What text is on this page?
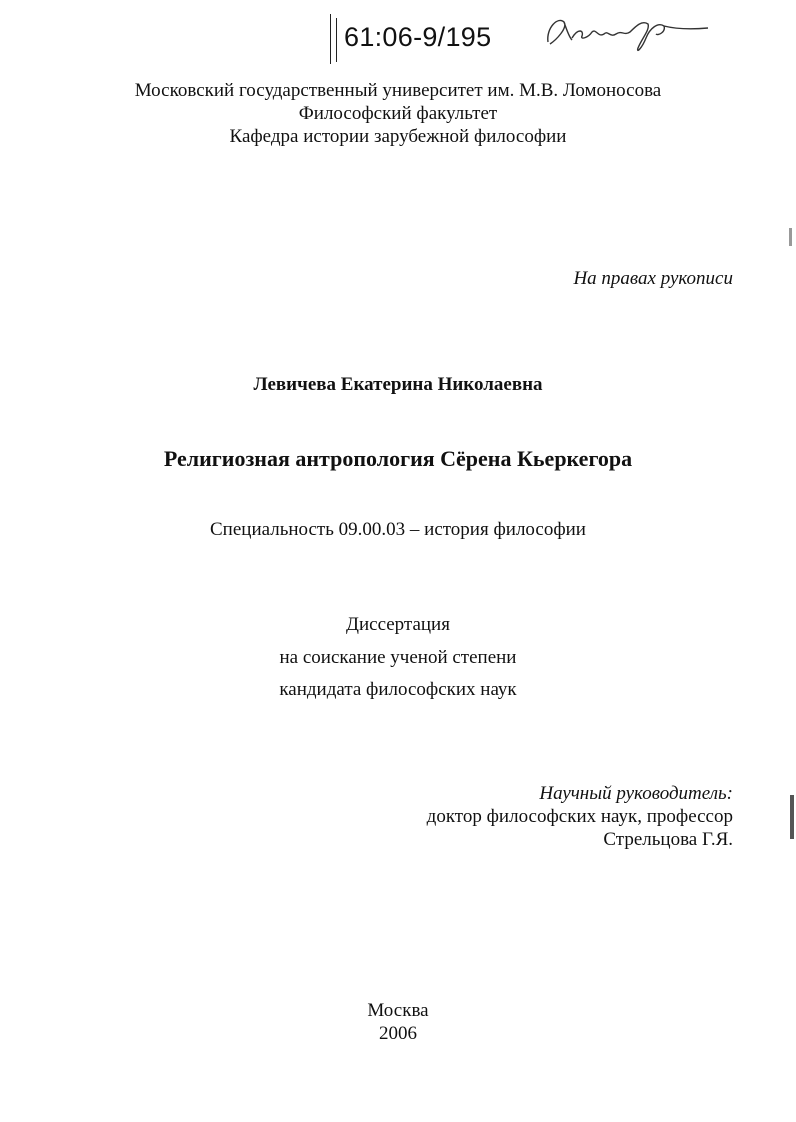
61:06-9/195
Московский государственный университет им. М.В. Ломоносова
Философский факультет
Кафедра истории зарубежной философии
На правах рукописи
Левичева Екатерина Николаевна
Религиозная антропология Сёрена Кьеркегора
Специальность 09.00.03 – история философии
Диссертация
на соискание ученой степени
кандидата философских наук
Научный руководитель:
доктор философских наук, профессор
Стрельцова Г.Я.
Москва
2006
